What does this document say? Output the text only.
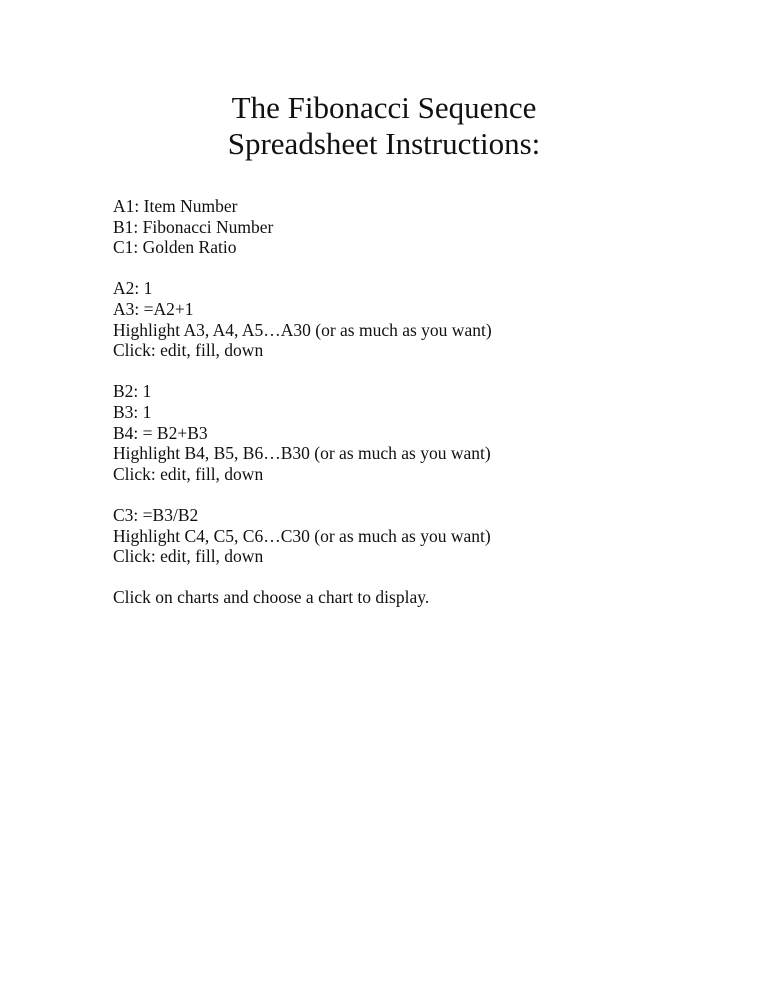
The Fibonacci Sequence
Spreadsheet Instructions:
A1: Item Number
B1: Fibonacci Number
C1: Golden Ratio
A2: 1
A3: =A2+1
Highlight A3, A4, A5…A30 (or as much as you want)
Click: edit, fill, down
B2: 1
B3: 1
B4: = B2+B3
Highlight B4, B5, B6…B30 (or as much as you want)
Click: edit, fill, down
C3: =B3/B2
Highlight C4, C5, C6…C30 (or as much as you want)
Click: edit, fill, down
Click on charts and choose a chart to display.
